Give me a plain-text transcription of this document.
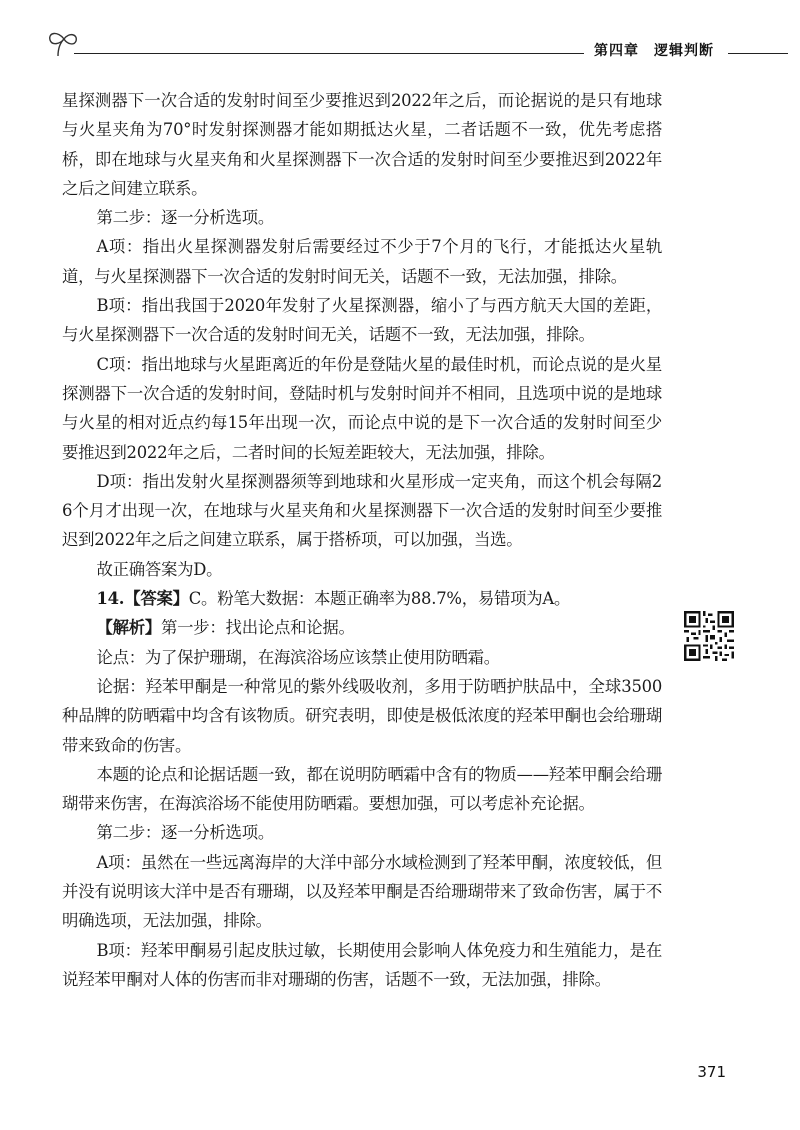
第四章　逻辑判断

星探测器下一次合适的发射时间至少要推迟到2022年之后，而论据说的是只有地球与火星夹角为70°时发射探测器才能如期抵达火星，二者话题不一致，优先考虑搭桥，即在地球与火星夹角和火星探测器下一次合适的发射时间至少要推迟到2022年之后之间建立联系。

第二步：逐一分析选项。

A项：指出火星探测器发射后需要经过不少于7个月的飞行，才能抵达火星轨道，与火星探测器下一次合适的发射时间无关，话题不一致，无法加强，排除。

B项：指出我国于2020年发射了火星探测器，缩小了与西方航天大国的差距，与火星探测器下一次合适的发射时间无关，话题不一致，无法加强，排除。

C项：指出地球与火星距离近的年份是登陆火星的最佳时机，而论点说的是火星探测器下一次合适的发射时间，登陆时机与发射时间并不相同，且选项中说的是地球与火星的相对近点约每15年出现一次，而论点中说的是下一次合适的发射时间至少要推迟到2022年之后，二者时间的长短差距较大，无法加强，排除。

D项：指出发射火星探测器须等到地球和火星形成一定夹角，而这个机会每隔26个月才出现一次，在地球与火星夹角和火星探测器下一次合适的发射时间至少要推迟到2022年之后之间建立联系，属于搭桥项，可以加强，当选。

故正确答案为D。

14.【答案】C。粉笔大数据：本题正确率为88.7%，易错项为A。

【解析】第一步：找出论点和论据。

论点：为了保护珊瑚，在海滨浴场应该禁止使用防晒霜。

论据：羟苯甲酮是一种常见的紫外线吸收剂，多用于防晒护肤品中，全球3500种品牌的防晒霜中均含有该物质。研究表明，即使是极低浓度的羟苯甲酮也会给珊瑚带来致命的伤害。

本题的论点和论据话题一致，都在说明防晒霜中含有的物质——羟苯甲酮会给珊瑚带来伤害，在海滨浴场不能使用防晒霜。要想加强，可以考虑补充论据。

第二步：逐一分析选项。

A项：虽然在一些远离海岸的大洋中部分水域检测到了羟苯甲酮，浓度较低，但并没有说明该大洋中是否有珊瑚，以及羟苯甲酮是否给珊瑚带来了致命伤害，属于不明确选项，无法加强，排除。

B项：羟苯甲酮易引起皮肤过敏，长期使用会影响人体免疫力和生殖能力，是在说羟苯甲酮对人体的伤害而非对珊瑚的伤害，话题不一致，无法加强，排除。

371
